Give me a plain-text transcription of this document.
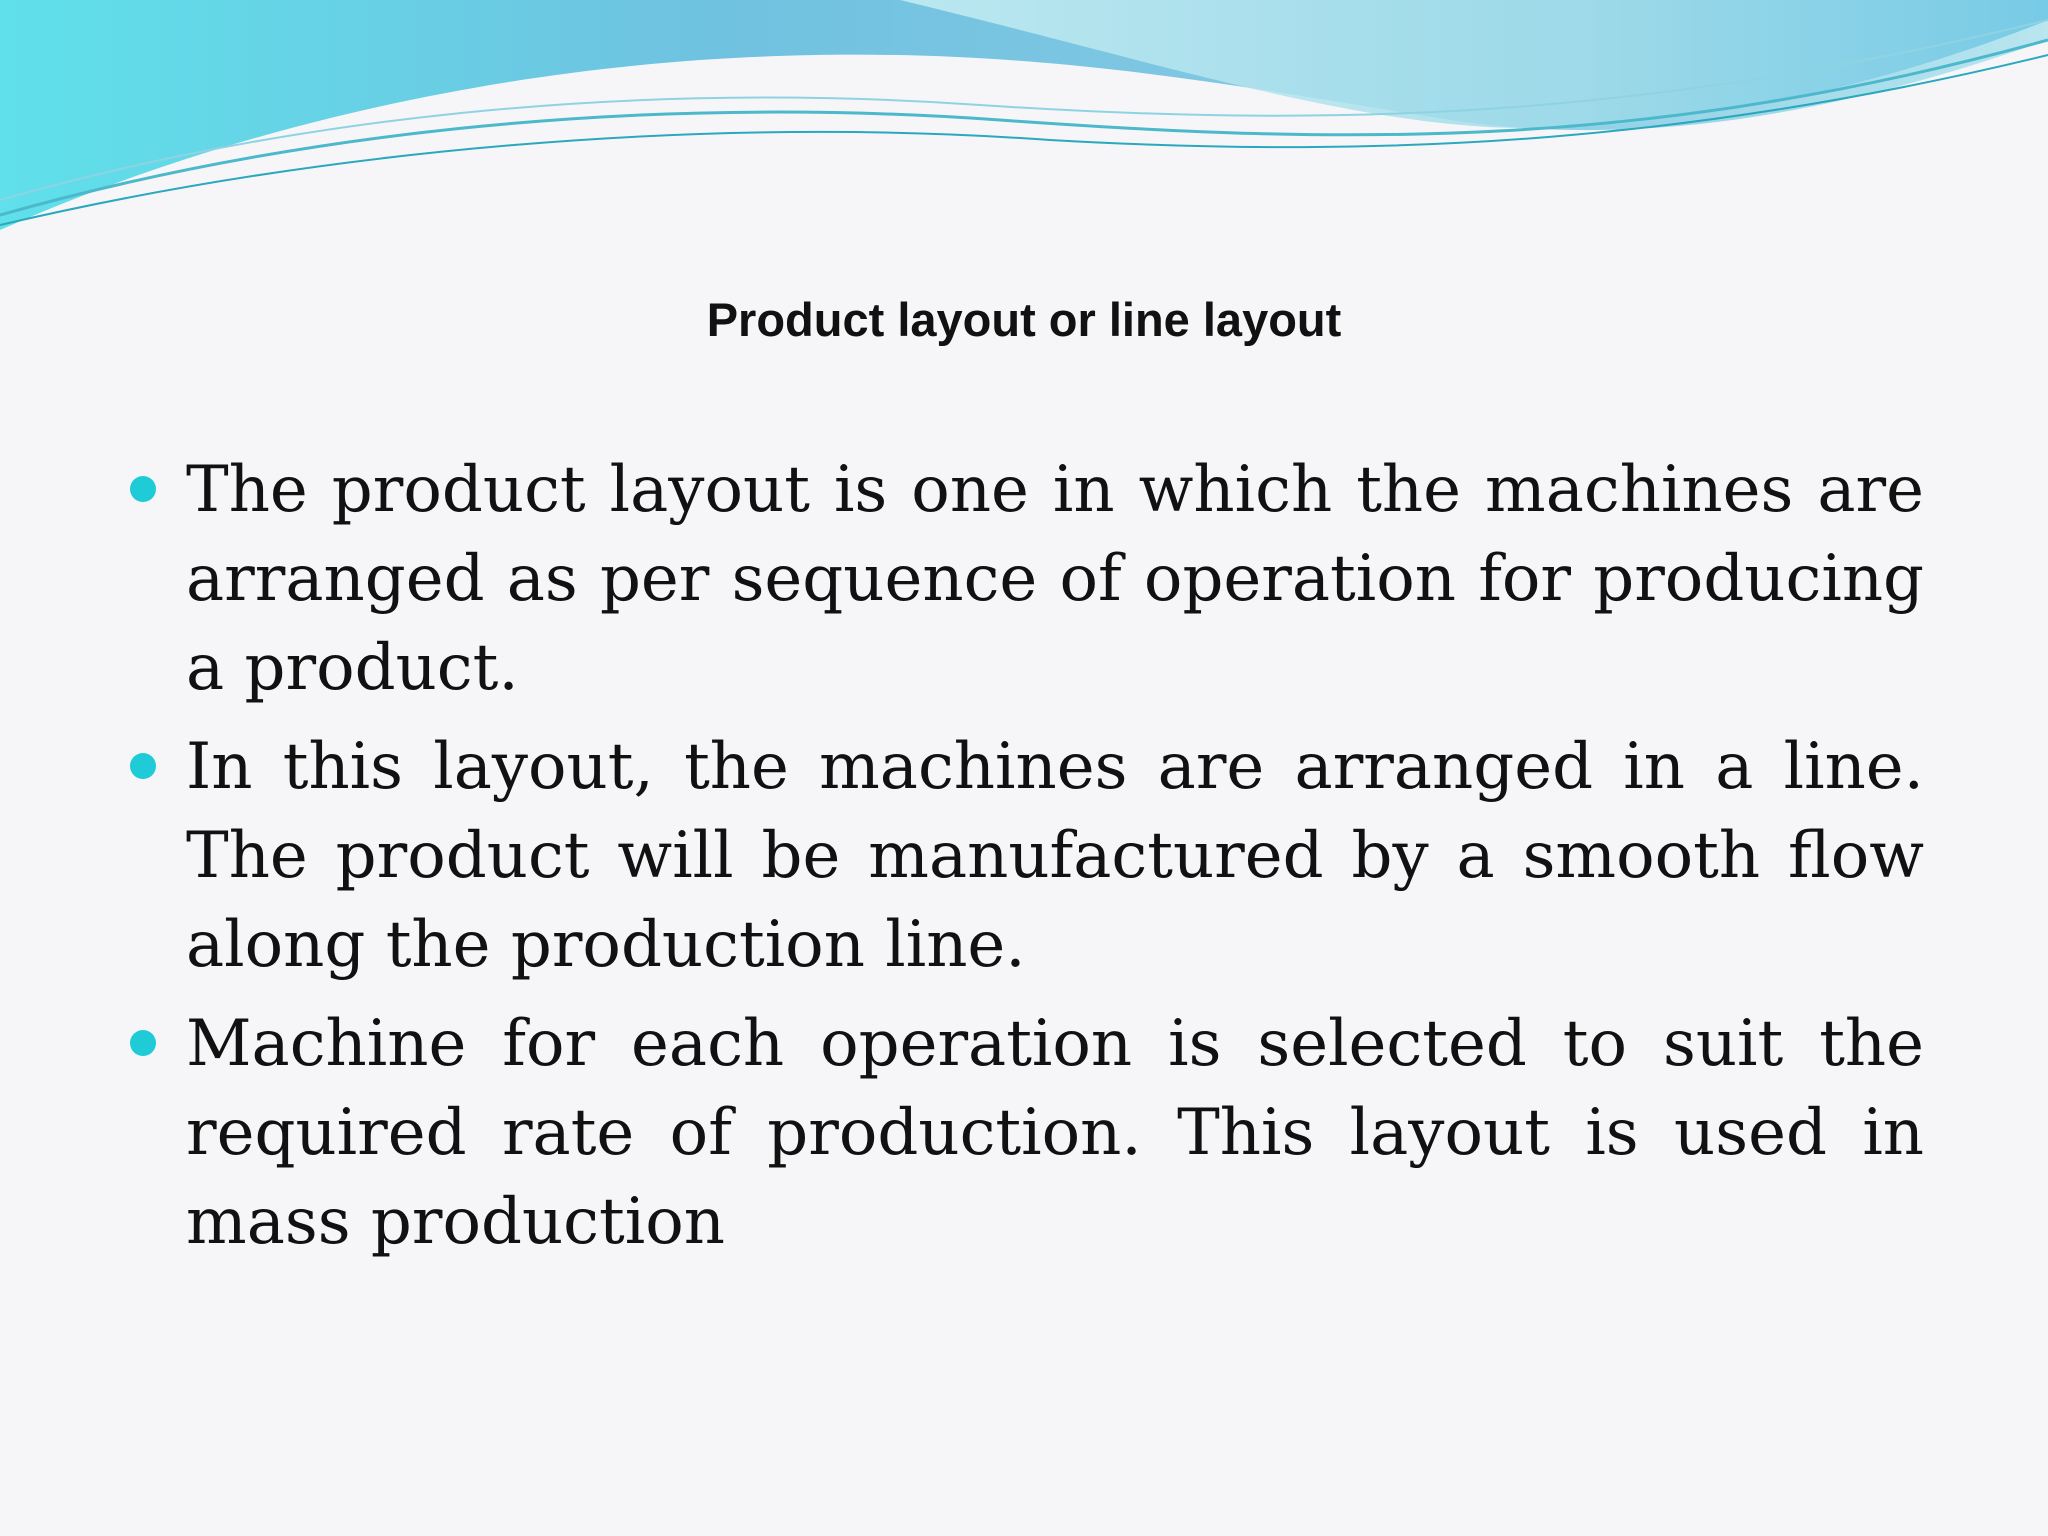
Product layout or line layout
The product layout is one in which the machines are arranged as per sequence of operation for producing a product.
In this layout, the machines are arranged in a line. The product will be manufactured by a smooth flow along the production line.
Machine for each operation is selected to suit the required rate of production. This layout is used in mass production
